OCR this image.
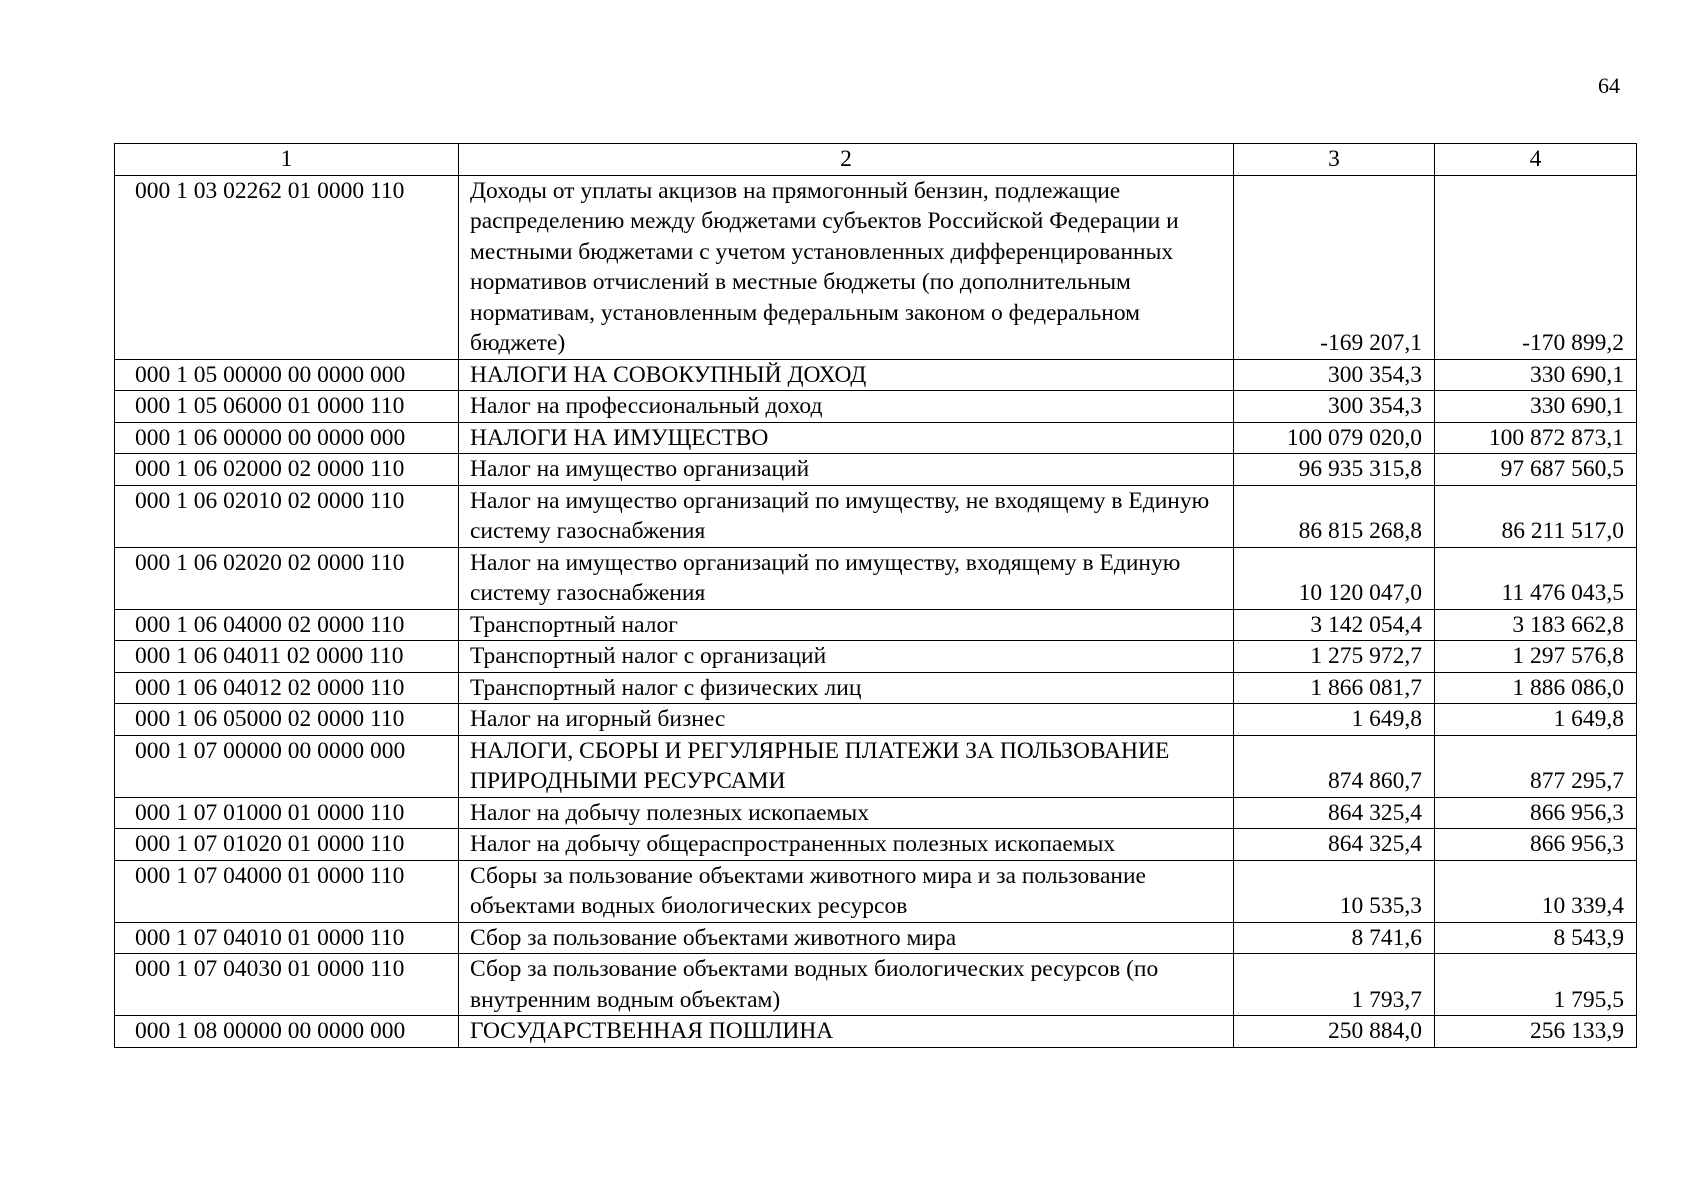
64
1	2	3	4
000 1 03 02262 01 0000 110	Доходы от уплаты акцизов на прямогонный бензин, подлежащие распределению между бюджетами субъектов Российской Федерации и местными бюджетами с учетом установленных дифференцированных нормативов отчислений в местные бюджеты (по дополнительным нормативам, установленным федеральным законом о федеральном бюджете)	-169 207,1	-170 899,2
000 1 05 00000 00 0000 000	НАЛОГИ НА СОВОКУПНЫЙ ДОХОД	300 354,3	330 690,1
000 1 05 06000 01 0000 110	Налог на профессиональный доход	300 354,3	330 690,1
000 1 06 00000 00 0000 000	НАЛОГИ НА ИМУЩЕСТВО	100 079 020,0	100 872 873,1
000 1 06 02000 02 0000 110	Налог на имущество организаций	96 935 315,8	97 687 560,5
000 1 06 02010 02 0000 110	Налог на имущество организаций по имуществу, не входящему в Единую систему газоснабжения	86 815 268,8	86 211 517,0
000 1 06 02020 02 0000 110	Налог на имущество организаций по имуществу, входящему в Единую систему газоснабжения	10 120 047,0	11 476 043,5
000 1 06 04000 02 0000 110	Транспортный налог	3 142 054,4	3 183 662,8
000 1 06 04011 02 0000 110	Транспортный налог с организаций	1 275 972,7	1 297 576,8
000 1 06 04012 02 0000 110	Транспортный налог с физических лиц	1 866 081,7	1 886 086,0
000 1 06 05000 02 0000 110	Налог на игорный бизнес	1 649,8	1 649,8
000 1 07 00000 00 0000 000	НАЛОГИ, СБОРЫ И РЕГУЛЯРНЫЕ ПЛАТЕЖИ ЗА ПОЛЬЗОВАНИЕ ПРИРОДНЫМИ РЕСУРСАМИ	874 860,7	877 295,7
000 1 07 01000 01 0000 110	Налог на добычу полезных ископаемых	864 325,4	866 956,3
000 1 07 01020 01 0000 110	Налог на добычу общераспространенных полезных ископаемых	864 325,4	866 956,3
000 1 07 04000 01 0000 110	Сборы за пользование объектами животного мира и за пользование объектами водных биологических ресурсов	10 535,3	10 339,4
000 1 07 04010 01 0000 110	Сбор за пользование объектами животного мира	8 741,6	8 543,9
000 1 07 04030 01 0000 110	Сбор за пользование объектами водных биологических ресурсов (по внутренним водным объектам)	1 793,7	1 795,5
000 1 08 00000 00 0000 000	ГОСУДАРСТВЕННАЯ ПОШЛИНА	250 884,0	256 133,9
